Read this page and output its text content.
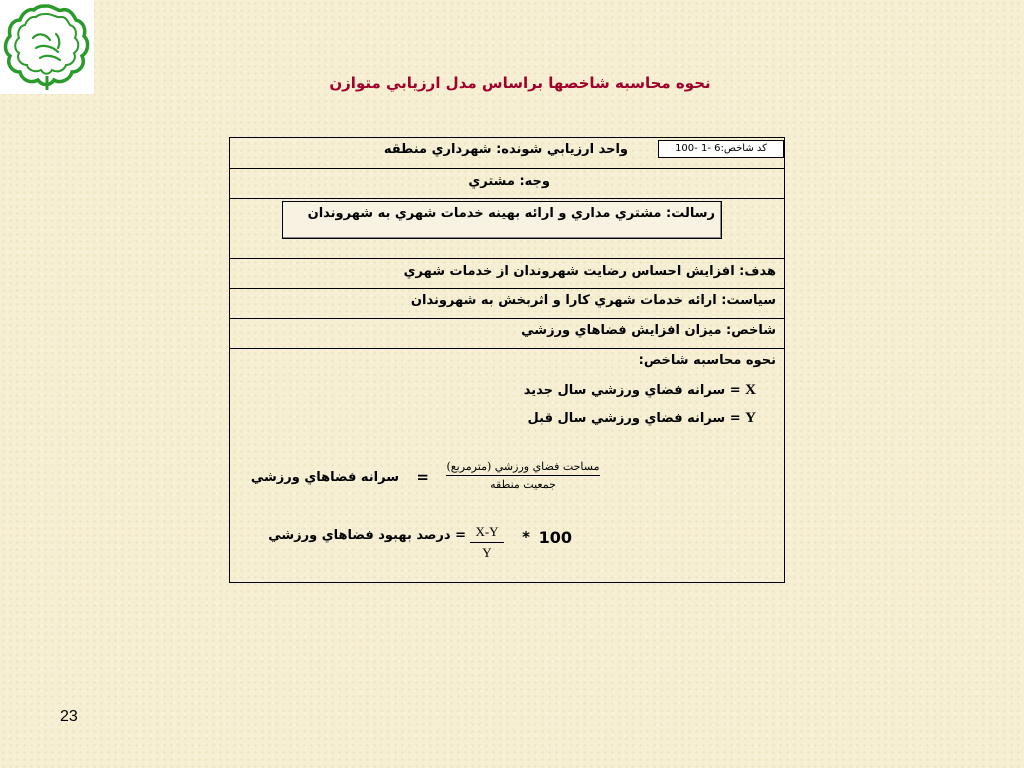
نحوه محاسبه شاخصها براساس مدل ارزيابي متوازن
كد شاخص:6 -1 -100
واحد ارزيابي شونده: شهرداري منطقه
وجه: مشتري
رسالت: مشتري مداري و ارائه بهينه خدمات شهري به شهروندان
هدف: افزايش احساس رضايت شهروندان از خدمات شهري
سياست: ارائه خدمات شهري كارا و اثربخش به شهروندان
شاخص: ميزان افزايش فضاهاي ورزشي
نحوه محاسبه شاخص:
X = سرانه فضاي ورزشي سال جديد
Y = سرانه فضاي ورزشي سال قبل
سرانه فضاهاي ورزشي =
مساحت فضاي ورزشي (مترمربع)
جمعيت منطقه
= درصد بهبود فضاهاي ورزشي X-Y
Y
* 100
23
